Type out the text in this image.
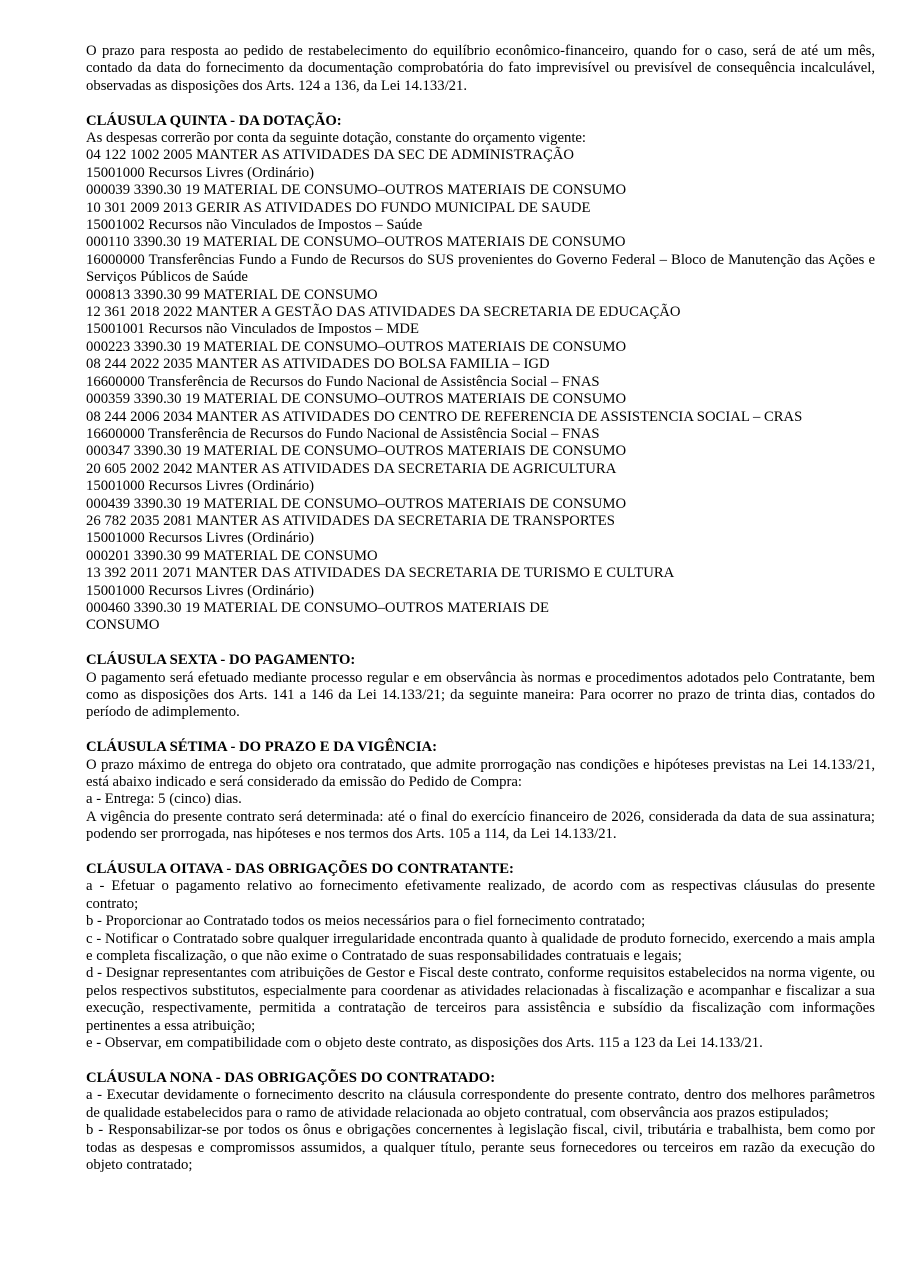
O prazo para resposta ao pedido de restabelecimento do equilíbrio econômico-financeiro, quando for o caso, será de até um mês, contado da data do fornecimento da documentação comprobatória do fato imprevisível ou previsível de consequência incalculável, observadas as disposições dos Arts. 124 a 136, da Lei 14.133/21.

CLÁUSULA QUINTA - DA DOTAÇÃO:

As despesas correrão por conta da seguinte dotação, constante do orçamento vigente:

04 122 1002 2005 MANTER AS ATIVIDADES DA SEC DE ADMINISTRAÇÃO

15001000 Recursos Livres (Ordinário)

000039 3390.30 19 MATERIAL DE CONSUMO–OUTROS MATERIAIS DE CONSUMO

10 301 2009 2013 GERIR AS ATIVIDADES DO FUNDO MUNICIPAL DE SAUDE

15001002 Recursos não Vinculados de Impostos – Saúde

000110 3390.30 19 MATERIAL DE CONSUMO–OUTROS MATERIAIS DE CONSUMO

16000000 Transferências Fundo a Fundo de Recursos do SUS provenientes do Governo Federal – Bloco de Manutenção das Ações e Serviços Públicos de Saúde

000813 3390.30 99 MATERIAL DE CONSUMO

12 361 2018 2022 MANTER A GESTÃO DAS ATIVIDADES DA SECRETARIA DE EDUCAÇÃO

15001001 Recursos não Vinculados de Impostos – MDE

000223 3390.30 19 MATERIAL DE CONSUMO–OUTROS MATERIAIS DE CONSUMO

08 244 2022 2035 MANTER AS ATIVIDADES DO BOLSA FAMILIA – IGD

16600000 Transferência de Recursos do Fundo Nacional de Assistência Social – FNAS

000359 3390.30 19 MATERIAL DE CONSUMO–OUTROS MATERIAIS DE CONSUMO

08 244 2006 2034 MANTER AS ATIVIDADES DO CENTRO DE REFERENCIA DE ASSISTENCIA SOCIAL – CRAS

16600000 Transferência de Recursos do Fundo Nacional de Assistência Social – FNAS

000347 3390.30 19 MATERIAL DE CONSUMO–OUTROS MATERIAIS DE CONSUMO

20 605 2002 2042 MANTER AS ATIVIDADES DA SECRETARIA DE AGRICULTURA

15001000 Recursos Livres (Ordinário)

000439 3390.30 19 MATERIAL DE CONSUMO–OUTROS MATERIAIS DE CONSUMO

26 782 2035 2081 MANTER AS ATIVIDADES DA SECRETARIA DE TRANSPORTES

15001000 Recursos Livres (Ordinário)

000201 3390.30 99 MATERIAL DE CONSUMO

13 392 2011 2071 MANTER DAS ATIVIDADES DA SECRETARIA DE TURISMO E CULTURA

15001000 Recursos Livres (Ordinário)

000460 3390.30 19 MATERIAL DE CONSUMO–OUTROS MATERIAIS DE

CONSUMO

CLÁUSULA SEXTA - DO PAGAMENTO:

O pagamento será efetuado mediante processo regular e em observância às normas e procedimentos adotados pelo Contratante, bem como as disposições dos Arts. 141 a 146 da Lei 14.133/21; da seguinte maneira: Para ocorrer no prazo de trinta dias, contados do período de adimplemento.

CLÁUSULA SÉTIMA - DO PRAZO E DA VIGÊNCIA:

O prazo máximo de entrega do objeto ora contratado, que admite prorrogação nas condições e hipóteses previstas na Lei 14.133/21, está abaixo indicado e será considerado da emissão do Pedido de Compra:

a - Entrega: 5 (cinco) dias.

A vigência do presente contrato será determinada: até o final do exercício financeiro de 2026, considerada da data de sua assinatura; podendo ser prorrogada, nas hipóteses e nos termos dos Arts. 105 a 114, da Lei 14.133/21.

CLÁUSULA OITAVA - DAS OBRIGAÇÕES DO CONTRATANTE:

a - Efetuar o pagamento relativo ao fornecimento efetivamente realizado, de acordo com as respectivas cláusulas do presente contrato;

b - Proporcionar ao Contratado todos os meios necessários para o fiel fornecimento contratado;

c - Notificar o Contratado sobre qualquer irregularidade encontrada quanto à qualidade de produto fornecido, exercendo a mais ampla e completa fiscalização, o que não exime o Contratado de suas responsabilidades contratuais e legais;

d - Designar representantes com atribuições de Gestor e Fiscal deste contrato, conforme requisitos estabelecidos na norma vigente, ou pelos respectivos substitutos, especialmente para coordenar as atividades relacionadas à fiscalização e acompanhar e fiscalizar a sua execução, respectivamente, permitida a contratação de terceiros para assistência e subsídio da fiscalização com informações pertinentes a essa atribuição;

e - Observar, em compatibilidade com o objeto deste contrato, as disposições dos Arts. 115 a 123 da Lei 14.133/21.

CLÁUSULA NONA - DAS OBRIGAÇÕES DO CONTRATADO:

a - Executar devidamente o fornecimento descrito na cláusula correspondente do presente contrato, dentro dos melhores parâmetros de qualidade estabelecidos para o ramo de atividade relacionada ao objeto contratual, com observância aos prazos estipulados;

b - Responsabilizar-se por todos os ônus e obrigações concernentes à legislação fiscal, civil, tributária e trabalhista, bem como por todas as despesas e compromissos assumidos, a qualquer título, perante seus fornecedores ou terceiros em razão da execução do objeto contratado;
